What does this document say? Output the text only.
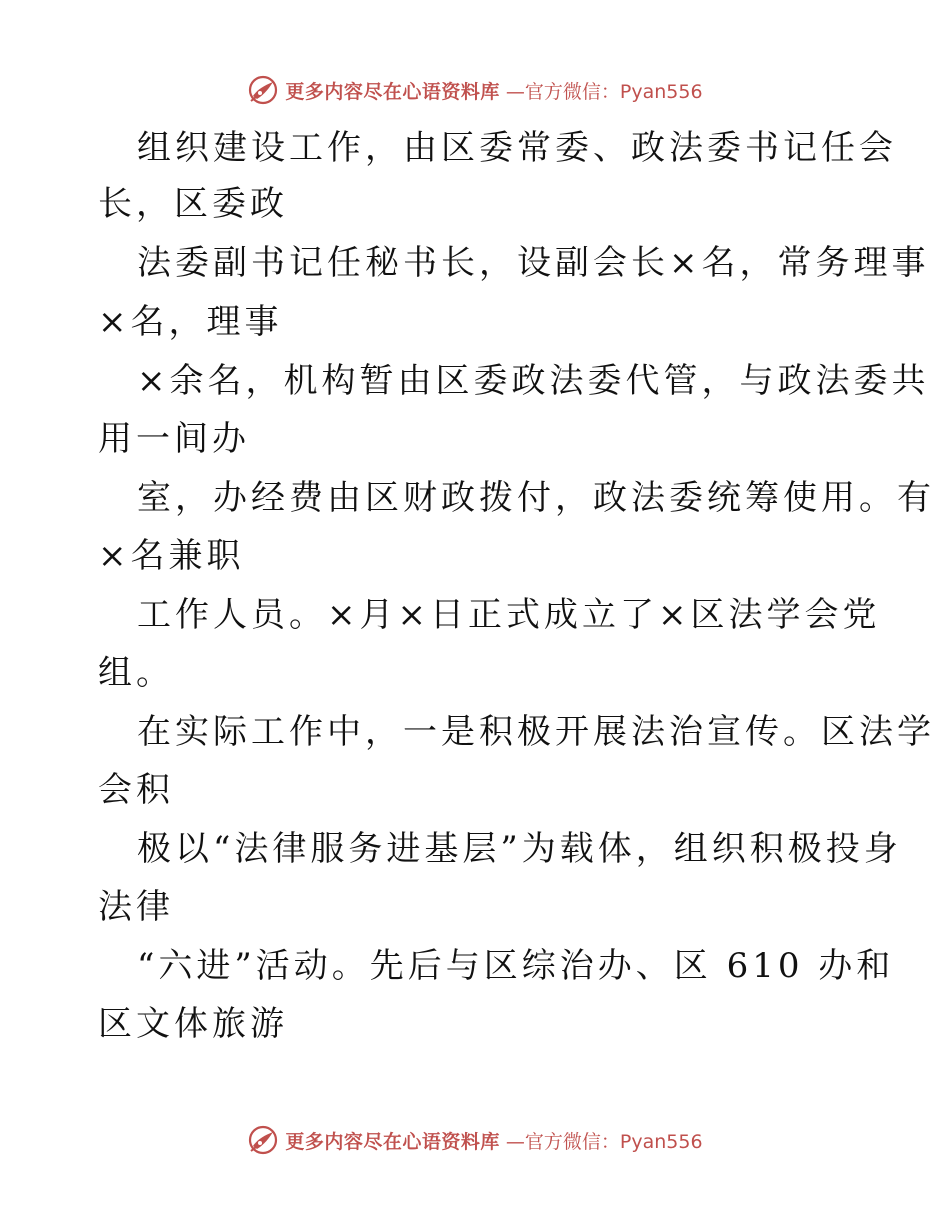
更多内容尽在心语资料库 —官方微信：Pyan556
组织建设工作，由区委常委、政法委书记任会
长，区委政
法委副书记任秘书长，设副会长×名，常务理事
×名，理事
×余名，机构暂由区委政法委代管，与政法委共
用一间办
室，办经费由区财政拨付，政法委统筹使用。有
×名兼职
工作人员。×月×日正式成立了×区法学会党
组。
在实际工作中，一是积极开展法治宣传。区法学
会积
极以“法律服务进基层”为载体，组织积极投身
法律
“六进”活动。先后与区综治办、区 610 办和
区文体旅游
更多内容尽在心语资料库 —官方微信：Pyan556
